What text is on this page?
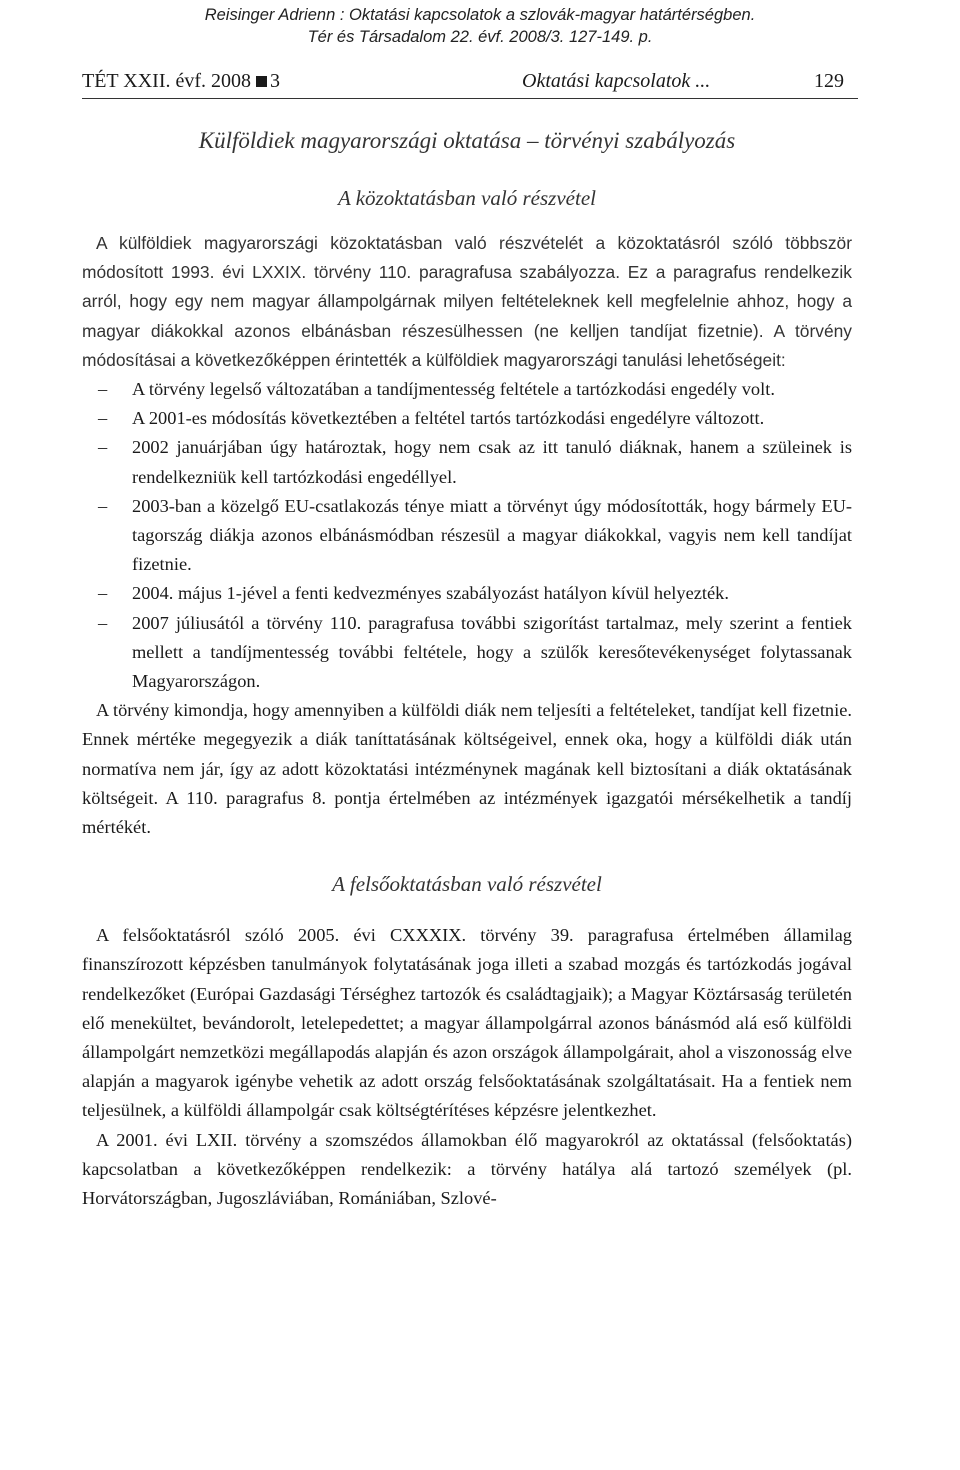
Reisinger Adrienn : Oktatási kapcsolatok a szlovák-magyar határtérségben.
Tér és Társadalom 22. évf. 2008/3. 127-149. p.
TÉT XXII. évf. 2008 3	Oktatási kapcsolatok ...	129
Külföldiek magyarországi oktatása – törvényi szabályozás
A közoktatásban való részvétel

A külföldiek magyarországi közoktatásban való részvételét a közoktatásról szóló többször módosított 1993. évi LXXIX. törvény 110. paragrafusa szabályozza. Ez a paragrafus rendelkezik arról, hogy egy nem magyar állampolgárnak milyen feltételeknek kell megfelelnie ahhoz, hogy a magyar diákokkal azonos elbánásban részesülhessen (ne kelljen tandíjat fizetnie). A törvény módosításai a következőképpen érintették a külföldiek magyarországi tanulási lehetőségeit:

– A törvény legelső változatában a tandíjmentesség feltétele a tartózkodási engedély volt.
– A 2001-es módosítás következtében a feltétel tartós tartózkodási engedélyre változott.
– 2002 januárjában úgy határoztak, hogy nem csak az itt tanuló diáknak, hanem a szüleinek is rendelkezniük kell tartózkodási engedéllyel.
– 2003-ban a közelgő EU-csatlakozás ténye miatt a törvényt úgy módosították, hogy bármely EU-tagország diákja azonos elbánásmódban részesül a magyar diákokkal, vagyis nem kell tandíjat fizetnie.
– 2004. május 1-jével a fenti kedvezményes szabályozást hatályon kívül helyezték.
– 2007 júliusától a törvény 110. paragrafusa további szigorítást tartalmaz, mely szerint a fentiek mellett a tandíjmentesség további feltétele, hogy a szülők keresőtevékenységet folytassanak Magyarországon.

A törvény kimondja, hogy amennyiben a külföldi diák nem teljesíti a feltételeket, tandíjat kell fizetnie. Ennek mértéke megegyezik a diák taníttatásának költségeivel, ennek oka, hogy a külföldi diák után normatíva nem jár, így az adott közoktatási intézménynek magának kell biztosítani a diák oktatásának költségeit. A 110. paragrafus 8. pontja értelmében az intézmények igazgatói mérsékelhetik a tandíj mértékét.

A felsőoktatásban való részvétel

A felsőoktatásról szóló 2005. évi CXXXIX. törvény 39. paragrafusa értelmében államilag finanszírozott képzésben tanulmányok folytatásának joga illeti a szabad mozgás és tartózkodás jogával rendelkezőket (Európai Gazdasági Térséghez tartozók és családtagjaik); a Magyar Köztársaság területén elő menekültet, bevándorolt, letelepedettet; a magyar állampolgárral azonos bánásmód alá eső külföldi állampolgárt nemzetközi megállapodás alapján és azon országok állampolgárait, ahol a viszonosság elve alapján a magyarok igénybe vehetik az adott ország felsőoktatásának szolgáltatásait. Ha a fentiek nem teljesülnek, a külföldi állampolgár csak költségtérítéses képzésre jelentkezhet.

A 2001. évi LXII. törvény a szomszédos államokban élő magyarokról az oktatással (felsőoktatás) kapcsolatban a következőképpen rendelkezik: a törvény hatálya alá tartozó személyek (pl. Horvátországban, Jugoszláviában, Romániában, Szlové-
